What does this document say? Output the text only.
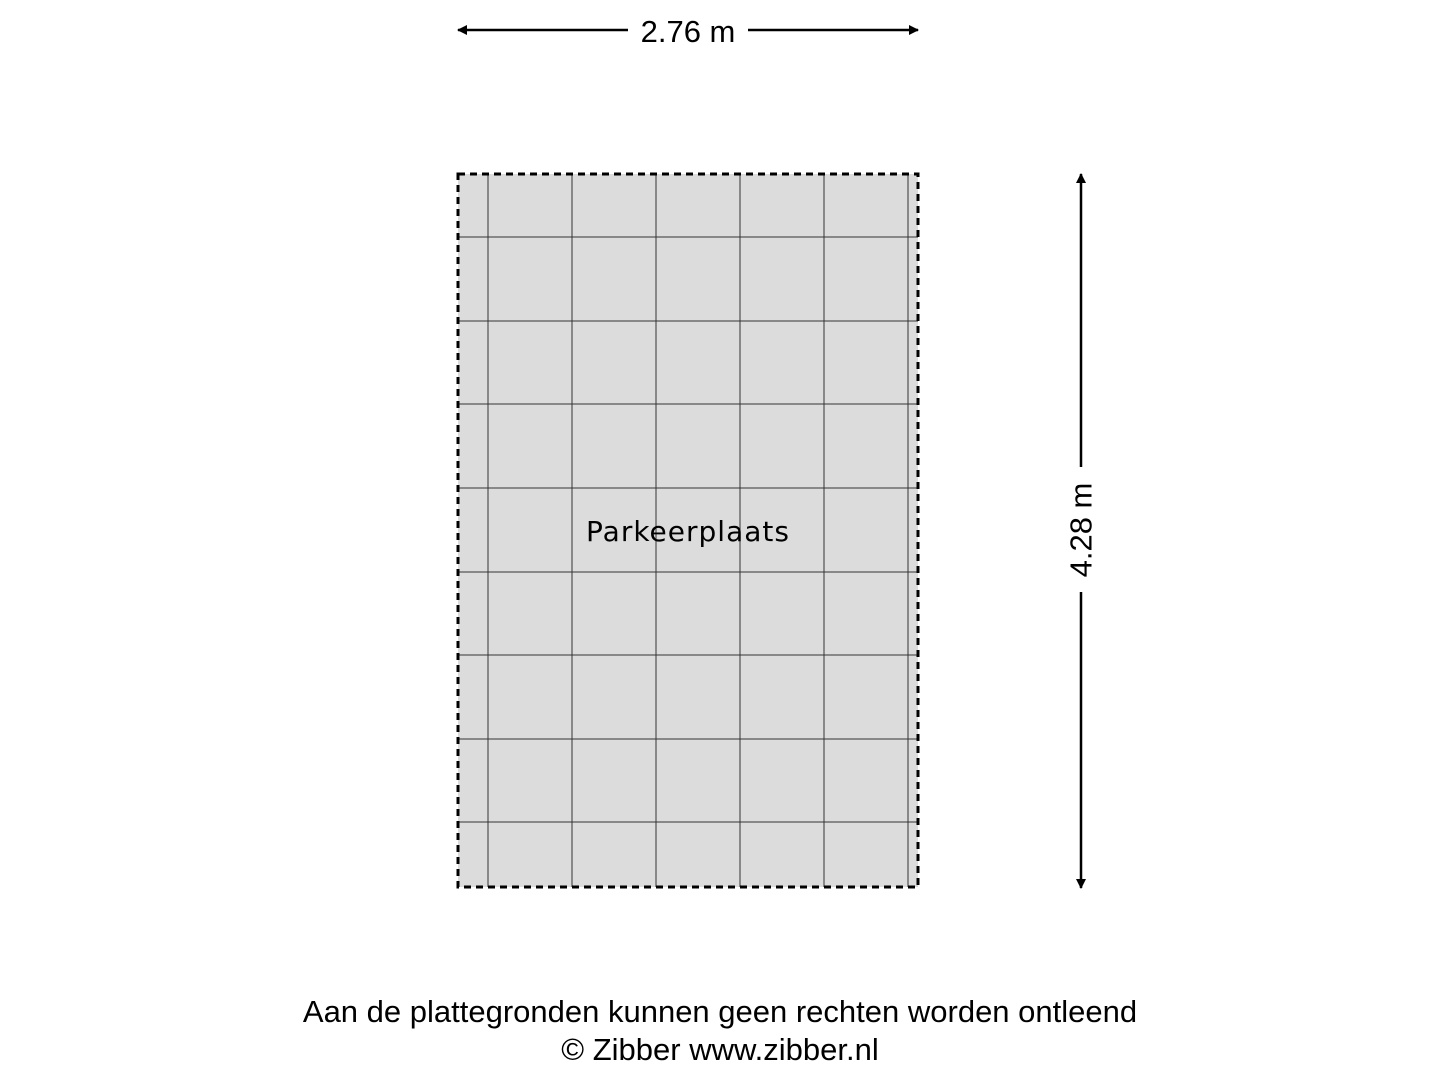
2.76 m
4.28 m
Parkeerplaats
Aan de plattegronden kunnen geen rechten worden ontleend
© Zibber www.zibber.nl
